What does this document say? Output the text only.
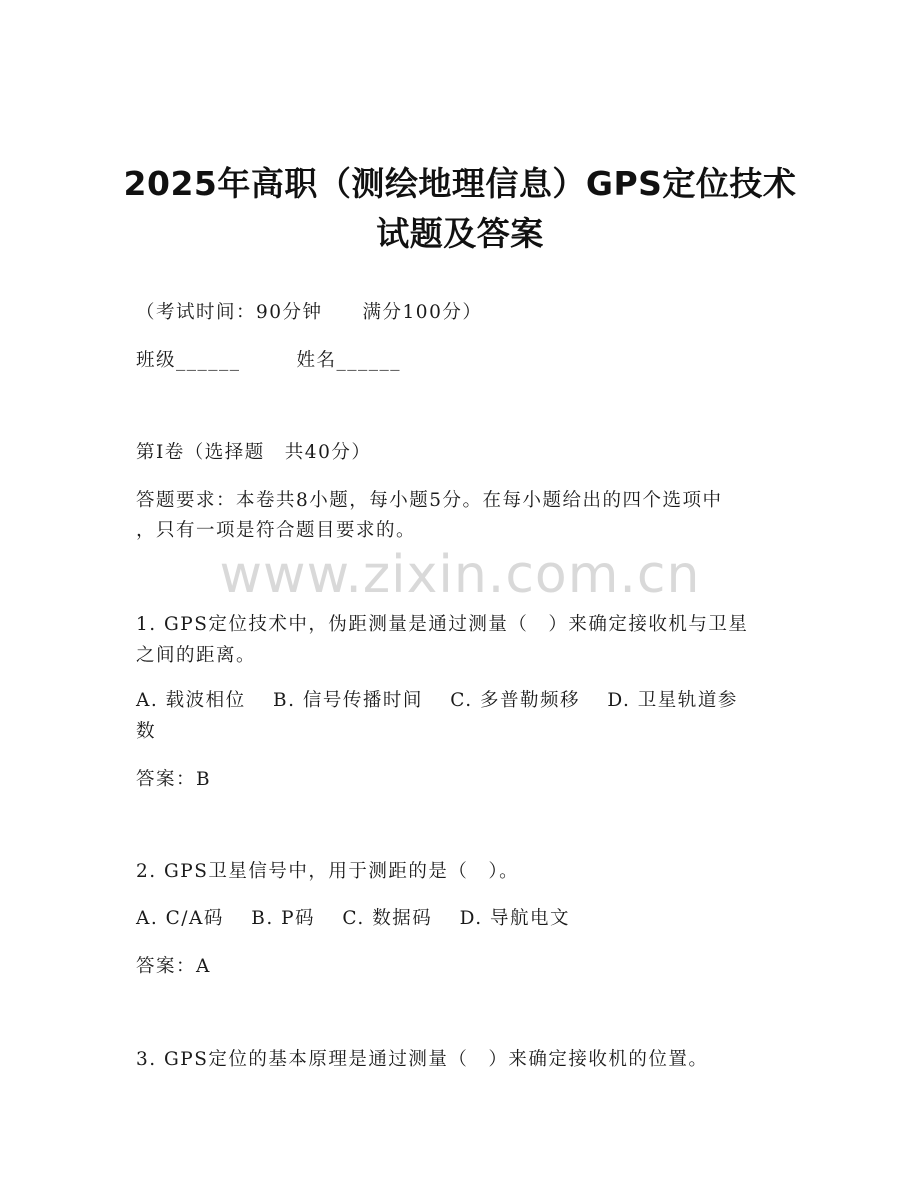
www.zixin.com.cn
2025年高职（测绘地理信息）GPS定位技术
试题及答案

（考试时间：90分钟　　满分100分）

班级______	姓名______

第I卷（选择题　共40分）

答题要求：本卷共8小题，每小题5分。在每小题给出的四个选项中

，只有一项是符合题目要求的。

1. GPS定位技术中，伪距测量是通过测量（　）来确定接收机与卫星

之间的距离。

A. 载波相位　 B. 信号传播时间　 C. 多普勒频移　 D. 卫星轨道参

数

答案：B

2. GPS卫星信号中，用于测距的是（　）。

A. C/A码　 B. P码　 C. 数据码　 D. 导航电文

答案：A

3. GPS定位的基本原理是通过测量（　）来确定接收机的位置。
